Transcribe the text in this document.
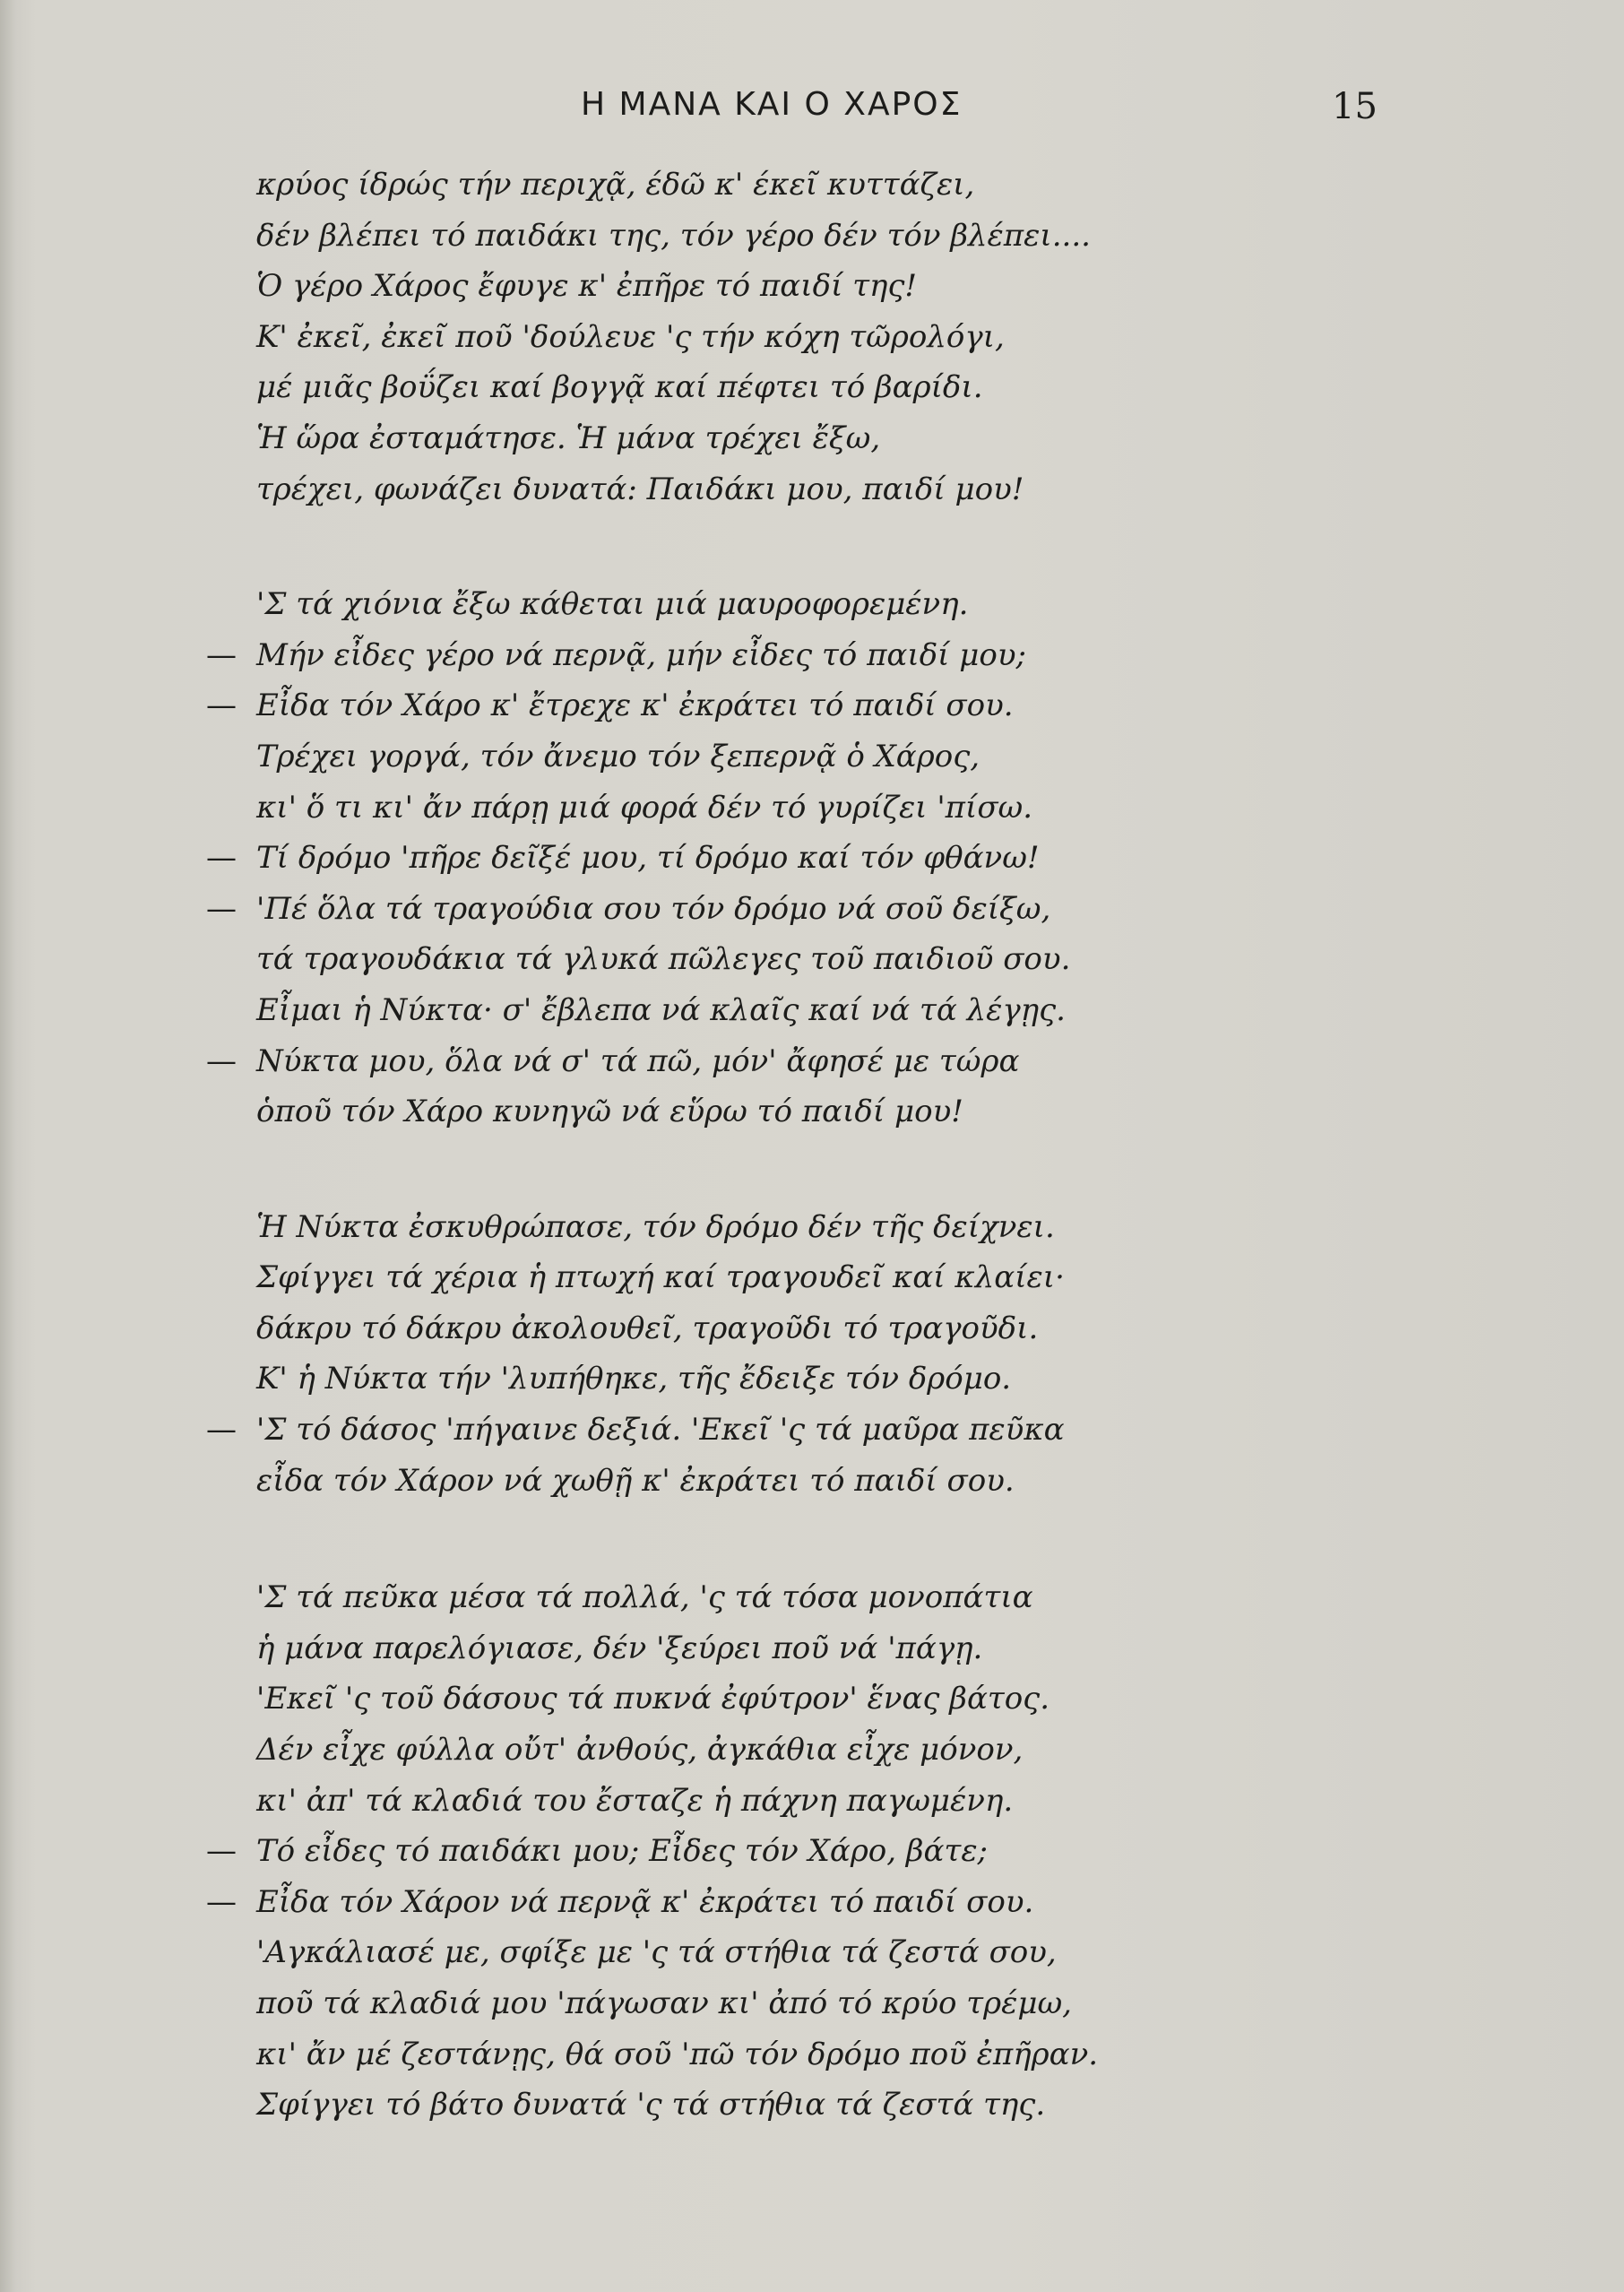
Η ΜΑΝΑ ΚΑΙ Ο ΧΑΡΟΣ	15
κρύος ίδρώς τήν περιχᾷ, έδῶ κ' έκεῖ κυττάζει,
δέν βλέπει τό παιδάκι της, τόν γέρο δέν τόν βλέπει....
Ὁ γέρο Χάρος ἔφυγε κ' ἐπῆρε τό παιδί της!
Κ' ἐκεῖ, ἐκεῖ ποῦ 'δούλευε 'ς τήν κόχη τῶρολόγι,
μέ μιᾶς βοΰζει καί βογγᾷ καί πέφτει τό βαρίδι.
Ἡ ὥρα ἐσταμάτησε. Ἡ μάνα τρέχει ἔξω,
τρέχει, φωνάζει δυνατά: Παιδάκι μου, παιδί μου!
'Σ τά χιόνια ἔξω κάθεται μιά μαυροφορεμένη.
— Μήν εἶδες γέρο νά περνᾷ, μήν εἶδες τό παιδί μου;
— Εἶδα τόν Χάρο κ' ἔτρεχε κ' ἐκράτει τό παιδί σου.
Τρέχει γοργά, τόν ἄνεμο τόν ξεπερνᾷ ὁ Χάρος,
κι' ὅ τι κι' ἄν πάρῃ μιά φορά δέν τό γυρίζει 'πίσω.
— Τί δρόμο 'πῆρε δεῖξέ μου, τί δρόμο καί τόν φθάνω!
— 'Πέ ὅλα τά τραγούδια σου τόν δρόμο νά σοῦ δείξω,
τά τραγουδάκια τά γλυκά πῶλεγες τοῦ παιδιοῦ σου.
Εἶμαι ἡ Νύκτα· σ' ἔβλεπα νά κλαῖς καί νά τά λέγῃς.
— Νύκτα μου, ὅλα νά σ' τά πῶ, μόν' ἄφησέ με τώρα
ὁποῦ τόν Χάρο κυνηγῶ νά εὕρω τό παιδί μου!
Ἡ Νύκτα ἐσκυθρώπασε, τόν δρόμο δέν τῆς δείχνει.
Σφίγγει τά χέρια ἡ πτωχή καί τραγουδεῖ καί κλαίει·
δάκρυ τό δάκρυ ἀκολουθεῖ, τραγοῦδι τό τραγοῦδι.
Κ' ἡ Νύκτα τήν 'λυπήθηκε, τῆς ἔδειξε τόν δρόμο.
— 'Σ τό δάσος 'πήγαινε δεξιά. 'Εκεῖ 'ς τά μαῦρα πεῦκα
εἶδα τόν Χάρον νά χωθῇ κ' ἐκράτει τό παιδί σου.
'Σ τά πεῦκα μέσα τά πολλά, 'ς τά τόσα μονοπάτια
ἡ μάνα παρελόγιασε, δέν 'ξεύρει ποῦ νά 'πάγῃ.
'Εκεῖ 'ς τοῦ δάσους τά πυκνά ἐφύτρον' ἕνας βάτος.
Δέν εἶχε φύλλα οὔτ' ἀνθούς, ἀγκάθια εἶχε μόνον,
κι' ἀπ' τά κλαδιά του ἔσταζε ἡ πάχνη παγωμένη.
— Τό εἶδες τό παιδάκι μου; Εἶδες τόν Χάρο, βάτε;
— Εἶδα τόν Χάρον νά περνᾷ κ' ἐκράτει τό παιδί σου.
'Αγκάλιασέ με, σφίξε με 'ς τά στήθια τά ζεστά σου,
ποῦ τά κλαδιά μου 'πάγωσαν κι' ἀπό τό κρύο τρέμω,
κι' ἄν μέ ζεστάνῃς, θά σοῦ 'πῶ τόν δρόμο ποῦ ἐπῆραν.
Σφίγγει τό βάτο δυνατά 'ς τά στήθια τά ζεστά της.
